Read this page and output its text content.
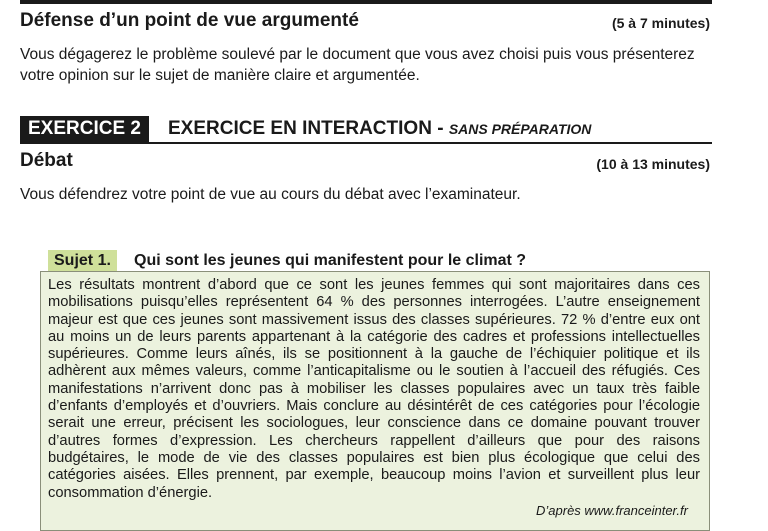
Défense d’un point de vue argumenté	(5 à 7 minutes)
Vous dégagerez le problème soulevé par le document que vous avez choisi puis vous présenterez votre opinion sur le sujet de manière claire et argumentée.
EXERCICE 2	EXERCICE EN INTERACTION - SANS PRÉPARATION
Débat	(10 à 13 minutes)
Vous défendrez votre point de vue au cours du débat avec l’examinateur.
Sujet 1.	Qui sont les jeunes qui manifestent pour le climat ?
Les résultats montrent d’abord que ce sont les jeunes femmes qui sont majoritaires dans ces mobilisations puisqu’elles représentent 64 % des personnes interrogées. L’autre enseignement majeur est que ces jeunes sont massivement issus des classes supérieures. 72 % d’entre eux ont au moins un de leurs parents appartenant à la catégorie des cadres et professions intellectuelles supérieures. Comme leurs aînés, ils se positionnent à la gauche de l’échiquier politique et ils adhèrent aux mêmes valeurs, comme l’anticapitalisme ou le soutien à l’accueil des réfugiés. Ces manifestations n’arrivent donc pas à mobiliser les classes populaires avec un taux très faible d’enfants d’employés et d’ouvriers. Mais conclure au désintérêt de ces catégories pour l’écologie serait une erreur, précisent les sociologues, leur conscience dans ce domaine pouvant trouver d’autres formes d’expression. Les chercheurs rappellent d’ailleurs que pour des raisons budgétaires, le mode de vie des classes populaires est bien plus écologique que celui des catégories aisées. Elles prennent, par exemple, beaucoup moins l’avion et surveillent plus leur consommation d’énergie.
D’après www.franceinter.fr
